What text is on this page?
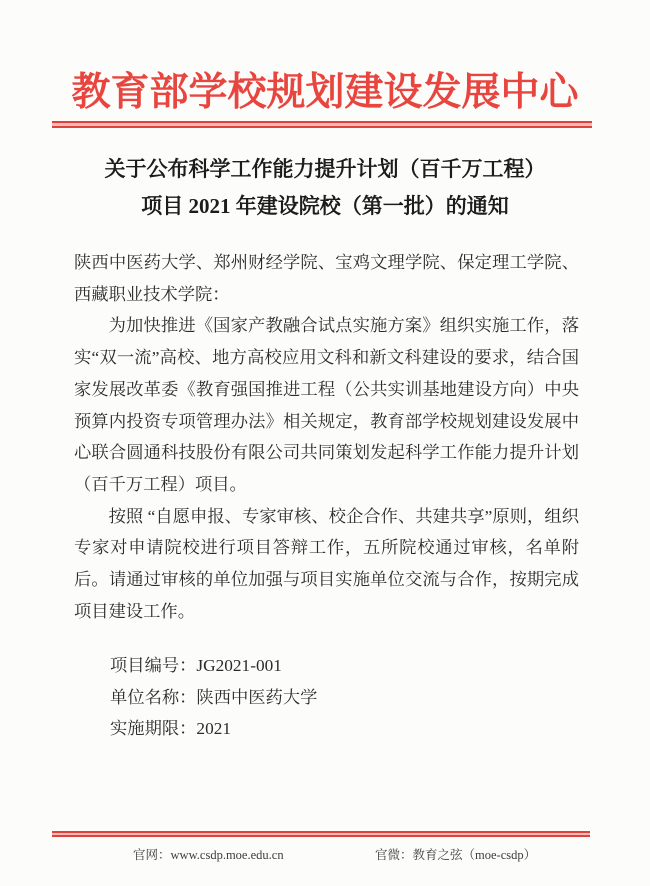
教育部学校规划建设发展中心
关于公布科学工作能力提升计划（百千万工程）
项目 2021 年建设院校（第一批）的通知

陕西中医药大学、郑州财经学院、宝鸡文理学院、保定理工学院、西藏职业技术学院：

为加快推进《国家产教融合试点实施方案》组织实施工作，落实“双一流”高校、地方高校应用文科和新文科建设的要求，结合国家发展改革委《教育强国推进工程（公共实训基地建设方向）中央预算内投资专项管理办法》相关规定，教育部学校规划建设发展中心联合圆通科技股份有限公司共同策划发起科学工作能力提升计划（百千万工程）项目。

按照 “自愿申报、专家审核、校企合作、共建共享”原则，组织专家对申请院校进行项目答辩工作，五所院校通过审核，名单附后。请通过审核的单位加强与项目实施单位交流与合作，按期完成项目建设工作。

项目编号：JG2021-001
单位名称：陕西中医药大学
实施期限：2021
官网：www.csdp.moe.edu.cn	官微：教育之弦（moe-csdp）
